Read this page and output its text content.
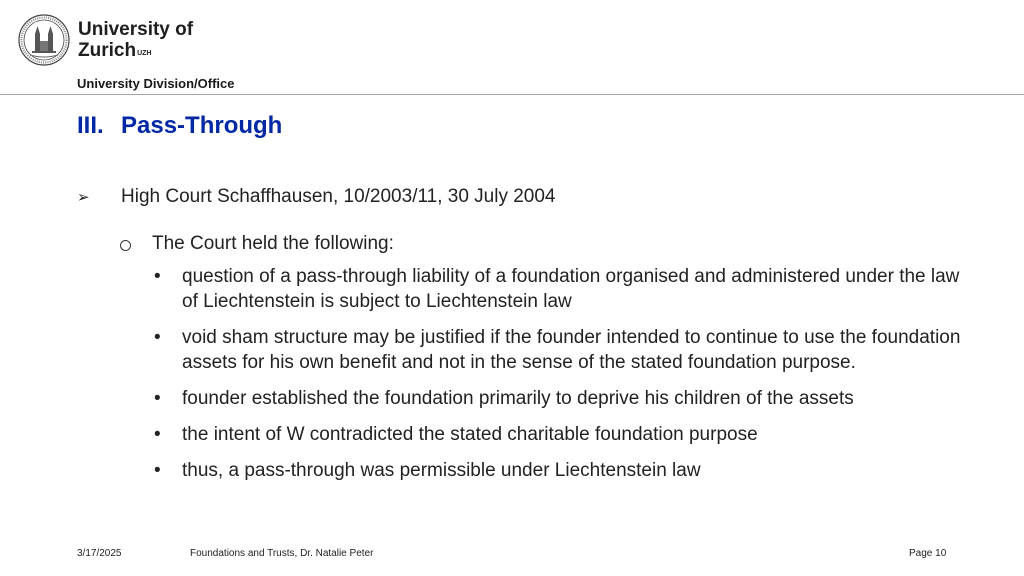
University of
Zurich$^{UZH}$
University Division/Office
III. Pass-Through
➢ High Court Schaffhausen, 10/2003/11, 30 July 2004
The Court held the following:
• question of a pass-through liability of a foundation organised and administered under the law of Liechtenstein is subject to Liechtenstein law
• void sham structure may be justified if the founder intended to continue to use the foundation assets for his own benefit and not in the sense of the stated foundation purpose.
• founder established the foundation primarily to deprive his children of the assets
• the intent of W contradicted the stated charitable foundation purpose
• thus, a pass-through was permissible under Liechtenstein law
3/17/2025	Foundations and Trusts, Dr. Natalie Peter	Page 10
